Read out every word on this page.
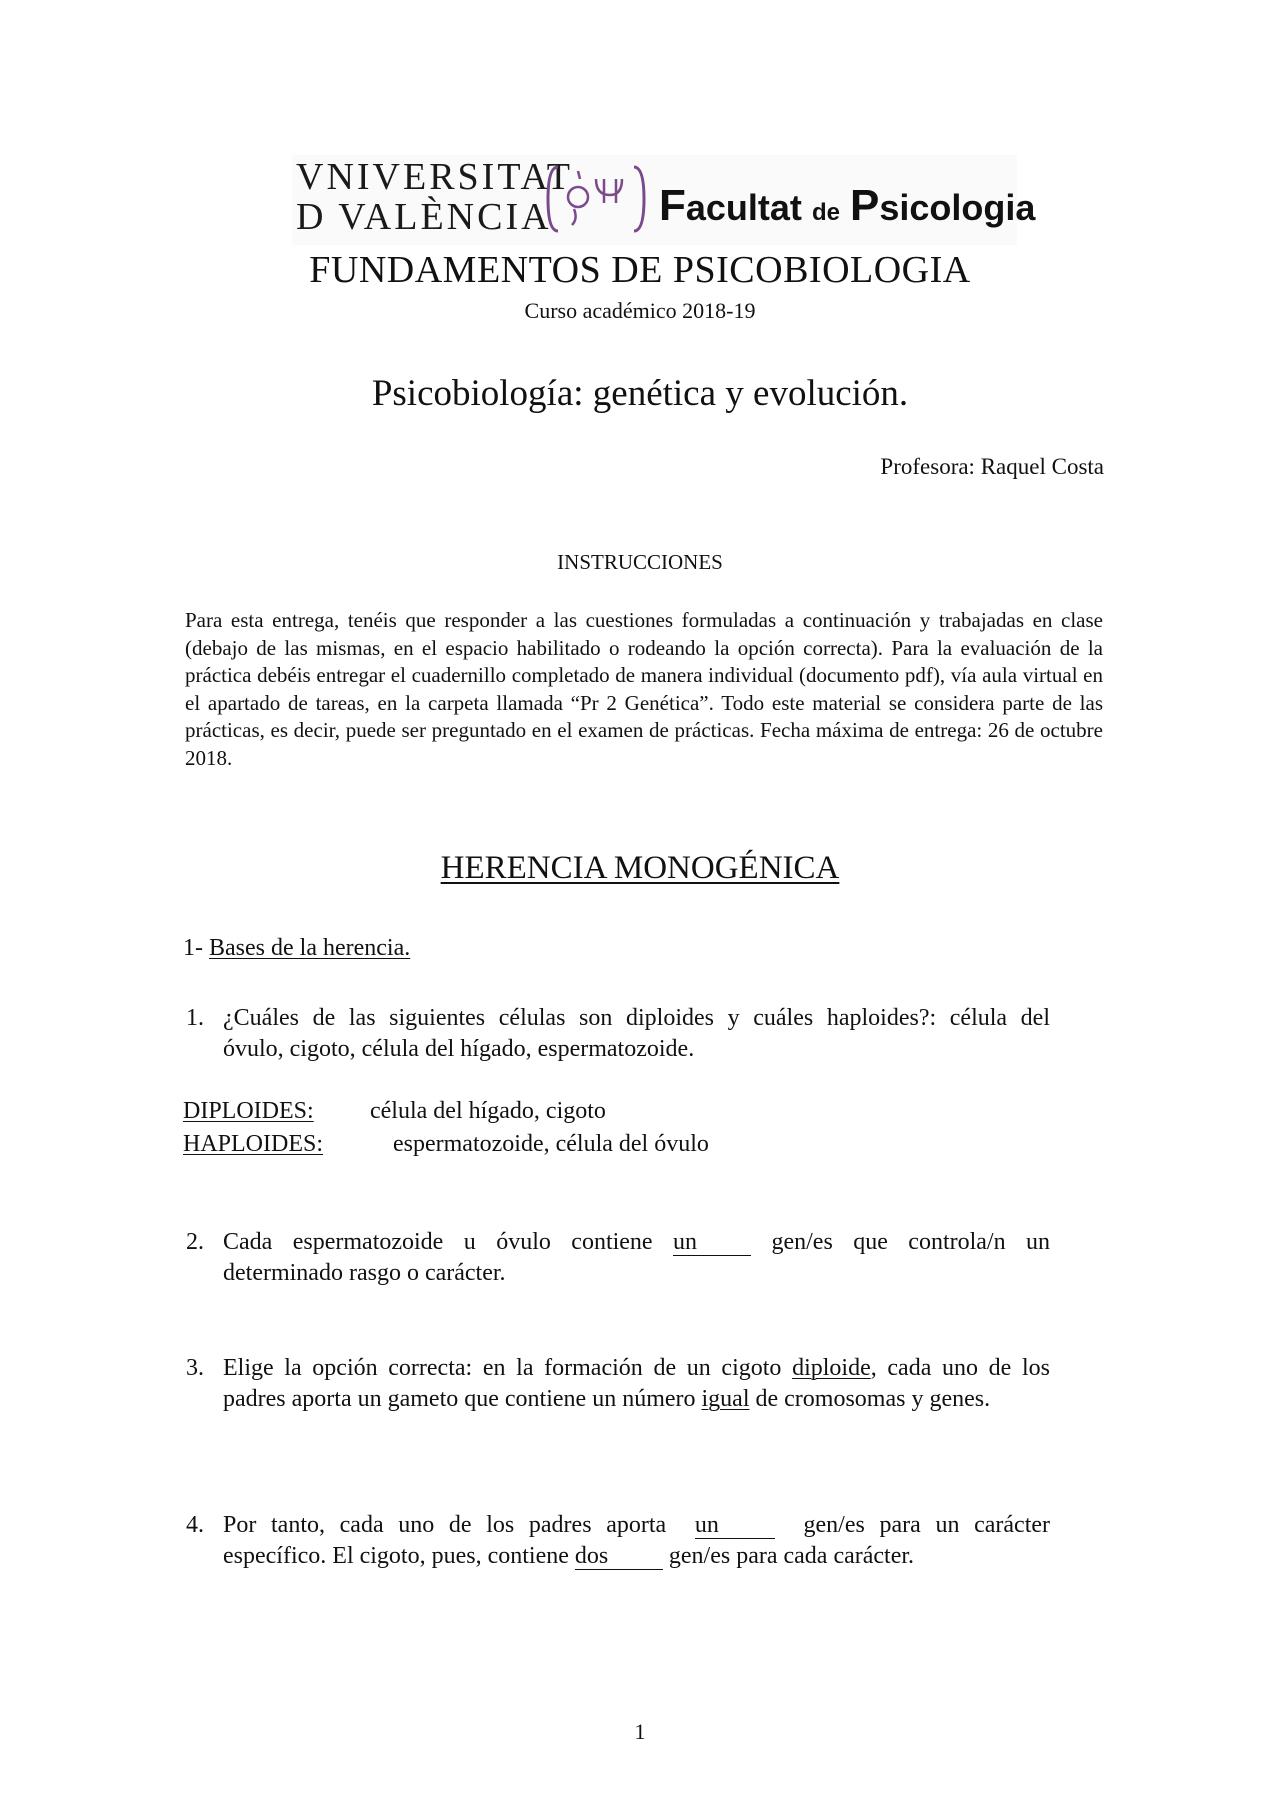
VNIVERSITAT
D VALÈNCIA Facultat de Psicologia
FUNDAMENTOS DE PSICOBIOLOGIA
Curso académico 2018-19
Psicobiología: genética y evolución.
Profesora: Raquel Costa
INSTRUCCIONES
Para esta entrega, tenéis que responder a las cuestiones formuladas a continuación y trabajadas en clase (debajo de las mismas, en el espacio habilitado o rodeando la opción correcta). Para la evaluación de la práctica debéis entregar el cuadernillo completado de manera individual (documento pdf), vía aula virtual en el apartado de tareas, en la carpeta llamada “Pr 2 Genética”. Todo este material se considera parte de las prácticas, es decir, puede ser preguntado en el examen de prácticas. Fecha máxima de entrega: 26 de octubre 2018.
HERENCIA MONOGÉNICA
1- Bases de la herencia.
1. ¿Cuáles de las siguientes células son diploides y cuáles haploides?: célula del
óvulo, cigoto, célula del hígado, espermatozoide.
DIPLOIDES: célula del hígado, cigoto
HAPLOIDES:	espermatozoide, célula del óvulo
2. Cada espermatozoide u óvulo contiene un	gen/es que controla/n un
determinado rasgo o carácter.
3. Elige la opción correcta: en la formación de un cigoto diploide, cada uno de los padres aporta un gameto que contiene un número igual de cromosomas y genes.
4. Por tanto, cada uno de los padres aporta un	gen/es para un carácter específico. El cigoto, pues, contiene dos	gen/es para cada carácter.
1
